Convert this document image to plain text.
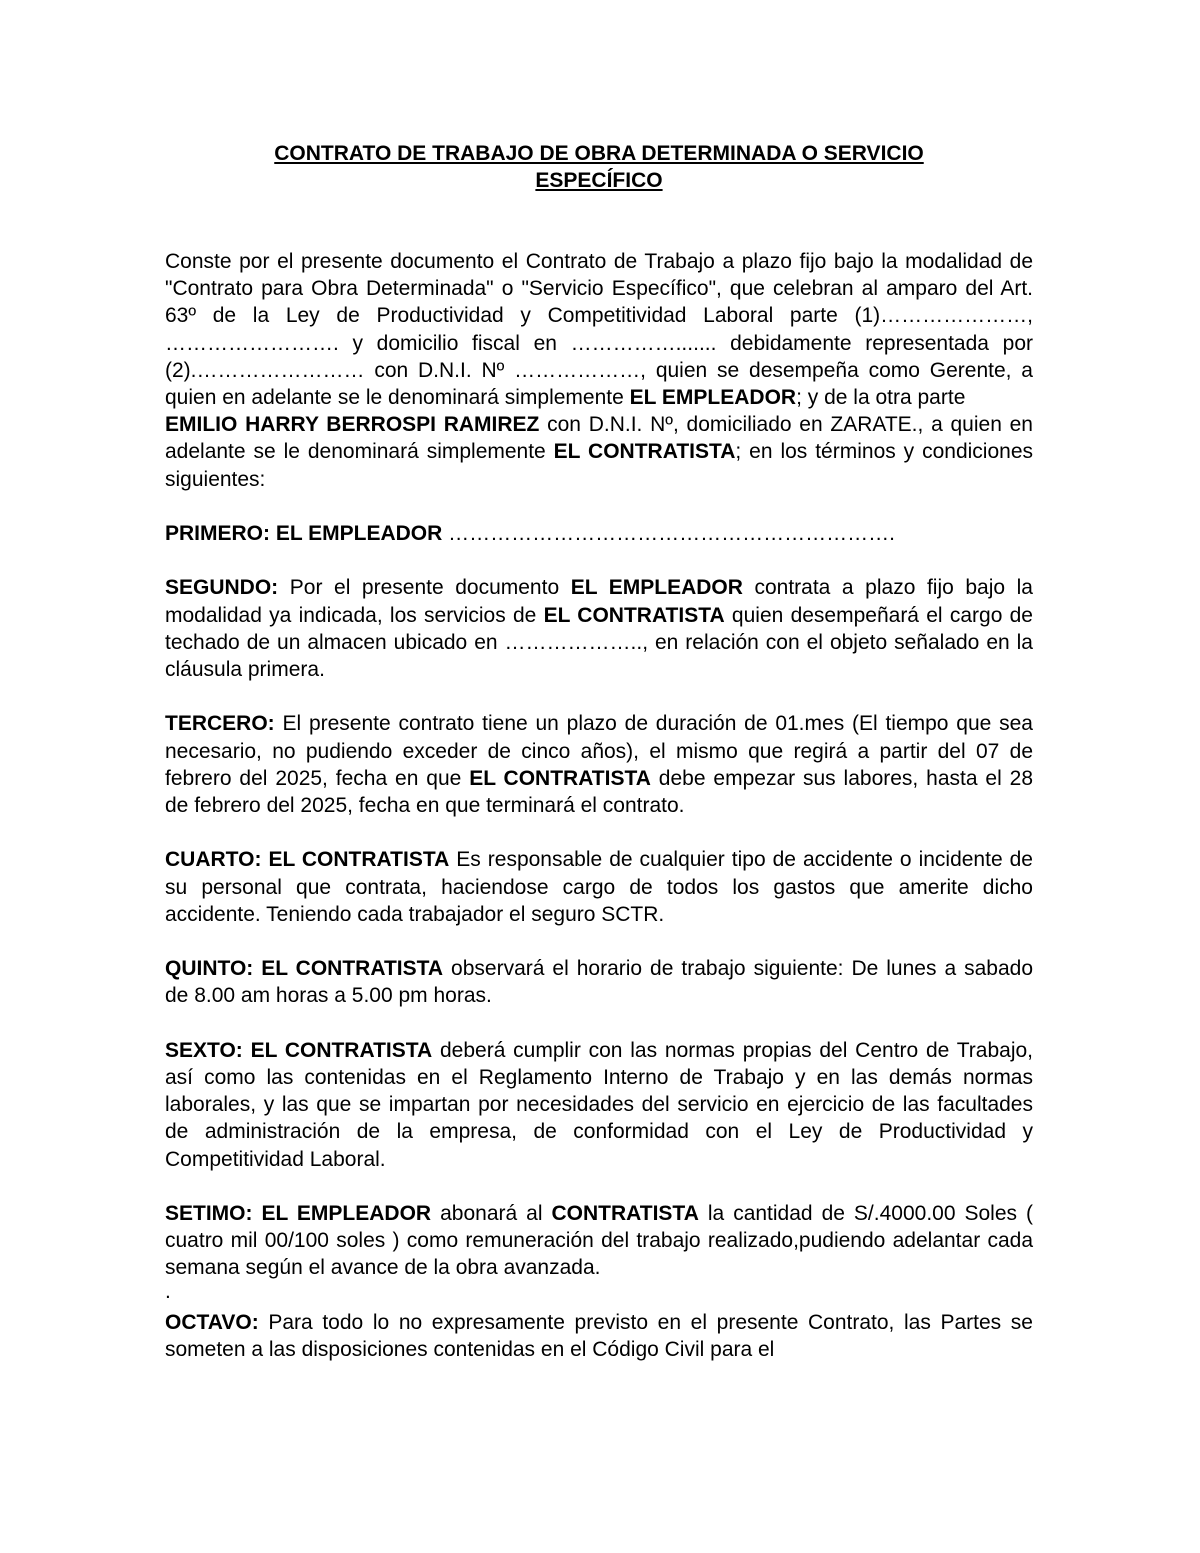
CONTRATO DE TRABAJO DE OBRA DETERMINADA O SERVICIO
ESPECÍFICO

Conste por el presente documento el Contrato de Trabajo a plazo fijo bajo la modalidad de "Contrato para Obra Determinada" o "Servicio Específico", que celebran al amparo del Art. 63º de la Ley de Productividad y Competitividad Laboral parte (1)…………………, ……………………. y domicilio fiscal en ……………....... debidamente representada por (2).…………………… con D.N.I. Nº ………………, quien se desempeña como Gerente, a quien en adelante se le denominará simplemente EL EMPLEADOR; y de la otra parte

EMILIO HARRY BERROSPI RAMIREZ con D.N.I. Nº, domiciliado en ZARATE., a quien en adelante se le denominará simplemente EL CONTRATISTA; en los términos y condiciones siguientes:

PRIMERO: EL EMPLEADOR ……………………………………………………….

SEGUNDO: Por el presente documento EL EMPLEADOR contrata a plazo fijo bajo la modalidad ya indicada, los servicios de EL CONTRATISTA quien desempeñará el cargo de techado de un almacen ubicado en ……………….., en relación con el objeto señalado en la cláusula primera.

TERCERO: El presente contrato tiene un plazo de duración de 01.mes (El tiempo que sea necesario, no pudiendo exceder de cinco años), el mismo que regirá a partir del 07 de febrero del 2025, fecha en que EL CONTRATISTA debe empezar sus labores, hasta el 28 de febrero del 2025, fecha en que terminará el contrato.

CUARTO: EL CONTRATISTA Es responsable de cualquier tipo de accidente o incidente de su personal que contrata, haciendose cargo de todos los gastos que amerite dicho accidente. Teniendo cada trabajador el seguro SCTR.

QUINTO: EL CONTRATISTA observará el horario de trabajo siguiente: De lunes a sabado de 8.00 am horas a 5.00 pm horas.

SEXTO: EL CONTRATISTA deberá cumplir con las normas propias del Centro de Trabajo, así como las contenidas en el Reglamento Interno de Trabajo y en las demás normas laborales, y las que se impartan por necesidades del servicio en ejercicio de las facultades de administración de la empresa, de conformidad con el Ley de Productividad y Competitividad Laboral.

SETIMO: EL EMPLEADOR abonará al CONTRATISTA la cantidad de S/.4000.00 Soles ( cuatro mil 00/100 soles ) como remuneración del trabajo realizado,pudiendo adelantar cada semana según el avance de la obra avanzada.

.

OCTAVO: Para todo lo no expresamente previsto en el presente Contrato, las Partes se someten a las disposiciones contenidas en el Código Civil para el
